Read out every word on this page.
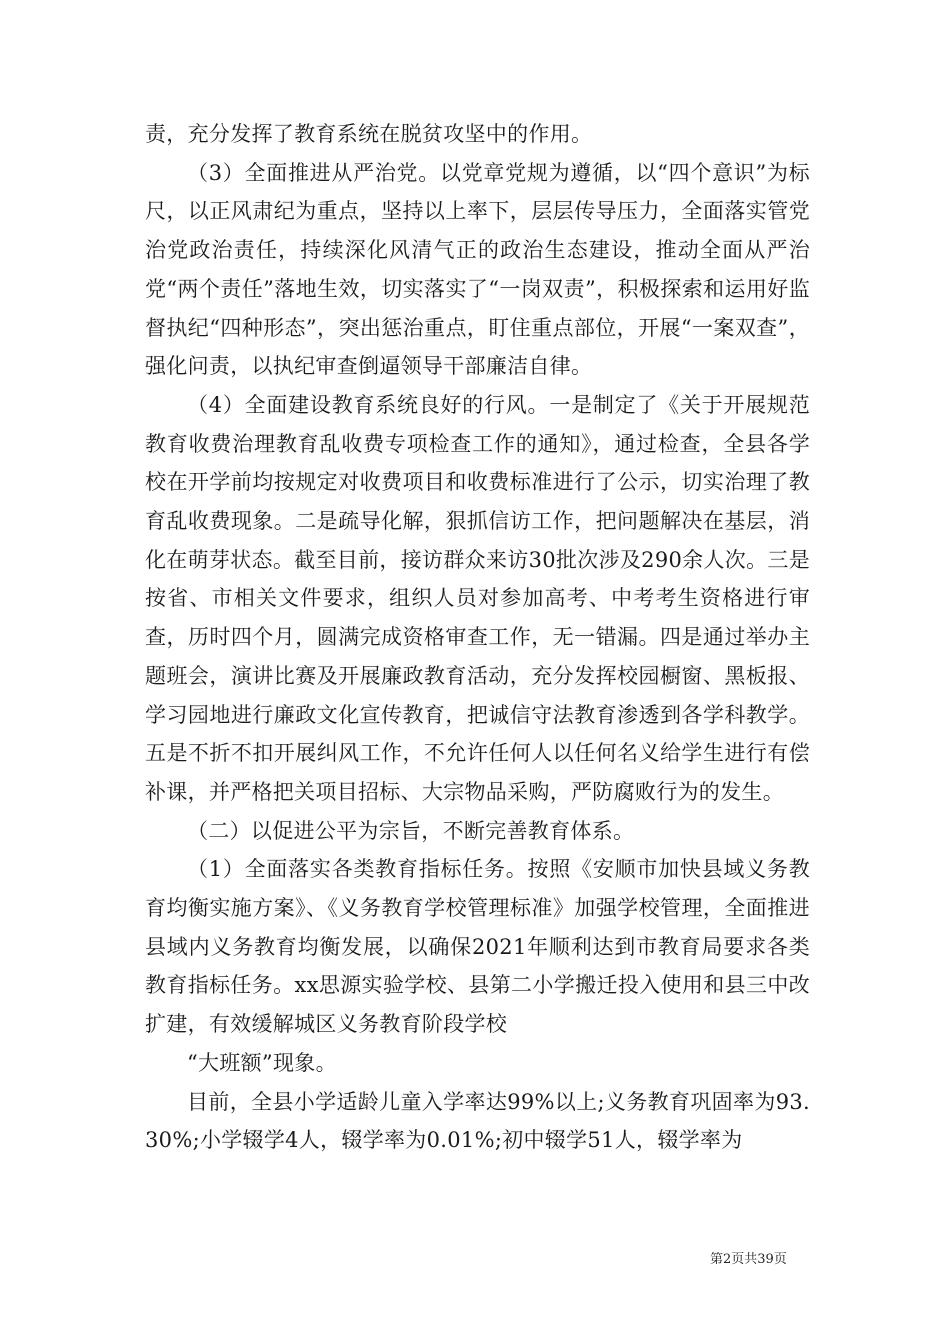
责，充分发挥了教育系统在脱贫攻坚中的作用。

（3）全面推进从严治党。以党章党规为遵循，以“四个意识”为标尺，以正风肃纪为重点，坚持以上率下，层层传导压力，全面落实管党治党政治责任，持续深化风清气正的政治生态建设，推动全面从严治党“两个责任”落地生效，切实落实了“一岗双责”，积极探索和运用好监督执纪“四种形态”，突出惩治重点，盯住重点部位，开展“一案双查”，强化问责，以执纪审查倒逼领导干部廉洁自律。

（4）全面建设教育系统良好的行风。一是制定了《关于开展规范教育收费治理教育乱收费专项检查工作的通知》，通过检查，全县各学校在开学前均按规定对收费项目和收费标准进行了公示，切实治理了教育乱收费现象。二是疏导化解，狠抓信访工作，把问题解决在基层，消化在萌芽状态。截至目前，接访群众来访30批次涉及290余人次。三是按省、市相关文件要求，组织人员对参加高考、中考考生资格进行审查，历时四个月，圆满完成资格审查工作，无一错漏。四是通过举办主题班会，演讲比赛及开展廉政教育活动，充分发挥校园橱窗、黑板报、学习园地进行廉政文化宣传教育，把诚信守法教育渗透到各学科教学。五是不折不扣开展纠风工作，不允许任何人以任何名义给学生进行有偿补课，并严格把关项目招标、大宗物品采购，严防腐败行为的发生。

（二）以促进公平为宗旨，不断完善教育体系。

（1）全面落实各类教育指标任务。按照《安顺市加快县域义务教育均衡实施方案》、《义务教育学校管理标准》加强学校管理，全面推进县域内义务教育均衡发展，以确保2021年顺利达到市教育局要求各类教育指标任务。xx思源实验学校、县第二小学搬迁投入使用和县三中改扩建，有效缓解城区义务教育阶段学校

“大班额”现象。

目前，全县小学适龄儿童入学率达99%以上;义务教育巩固率为93.30%;小学辍学4人，辍学率为0.01%;初中辍学51人，辍学率为

第2页共39页
